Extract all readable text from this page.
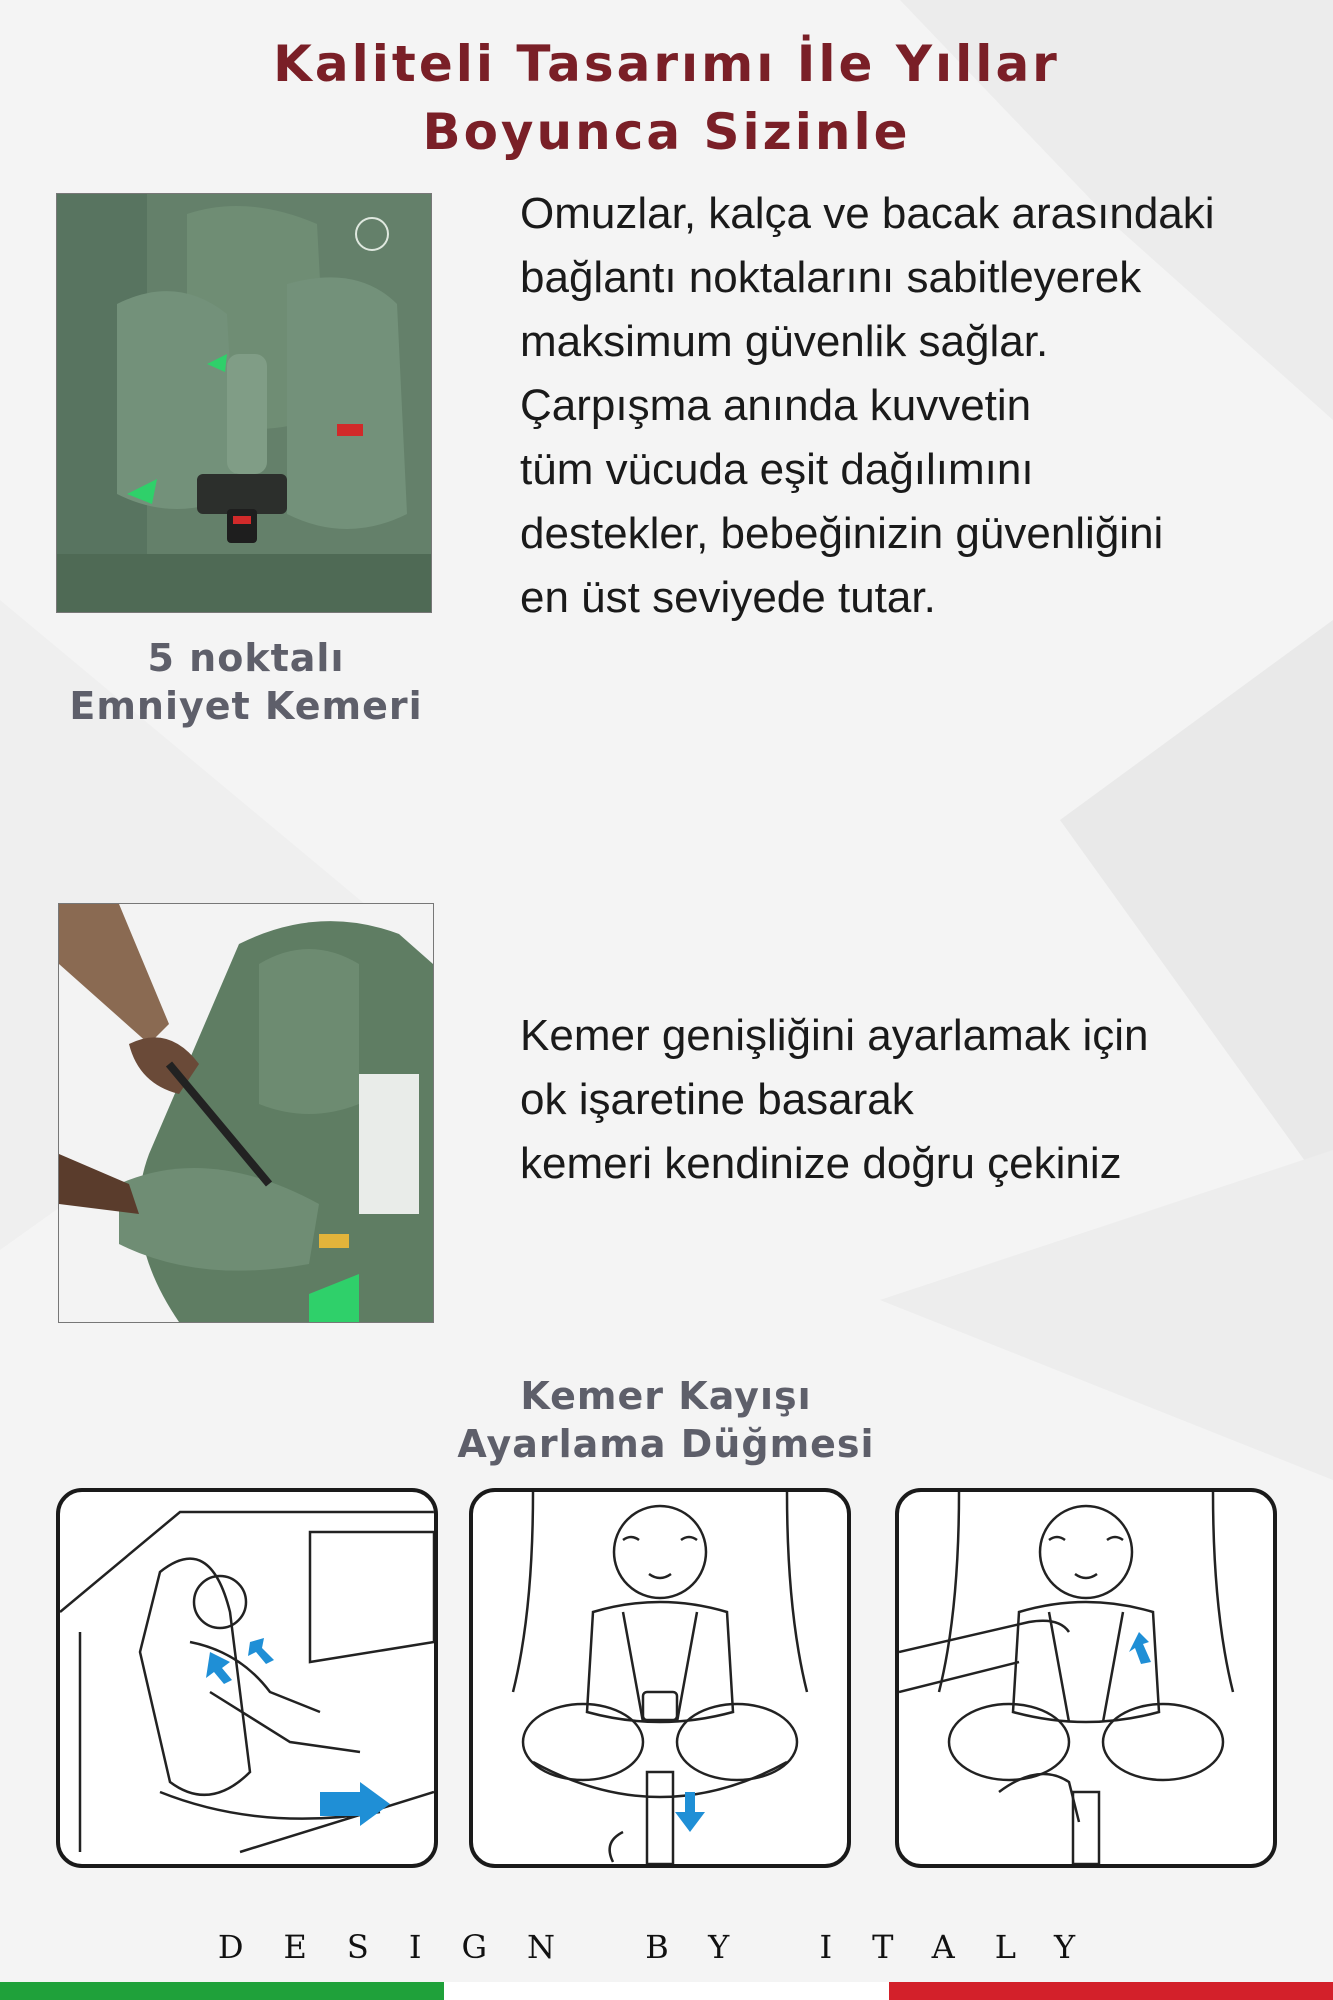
Kaliteli Tasarımı İle Yıllar
Boyunca Sizinle
5 noktalı
Emniyet Kemeri
Omuzlar, kalça ve bacak arasındaki
bağlantı noktalarını sabitleyerek
maksimum güvenlik sağlar.
Çarpışma anında kuvvetin
tüm vücuda eşit dağılımını
destekler, bebeğinizin güvenliğini
en üst seviyede tutar.
Kemer genişliğini ayarlamak için
ok işaretine basarak
kemeri kendinize doğru çekiniz
Kemer Kayışı
Ayarlama Düğmesi
DESIGN BY ITALY
